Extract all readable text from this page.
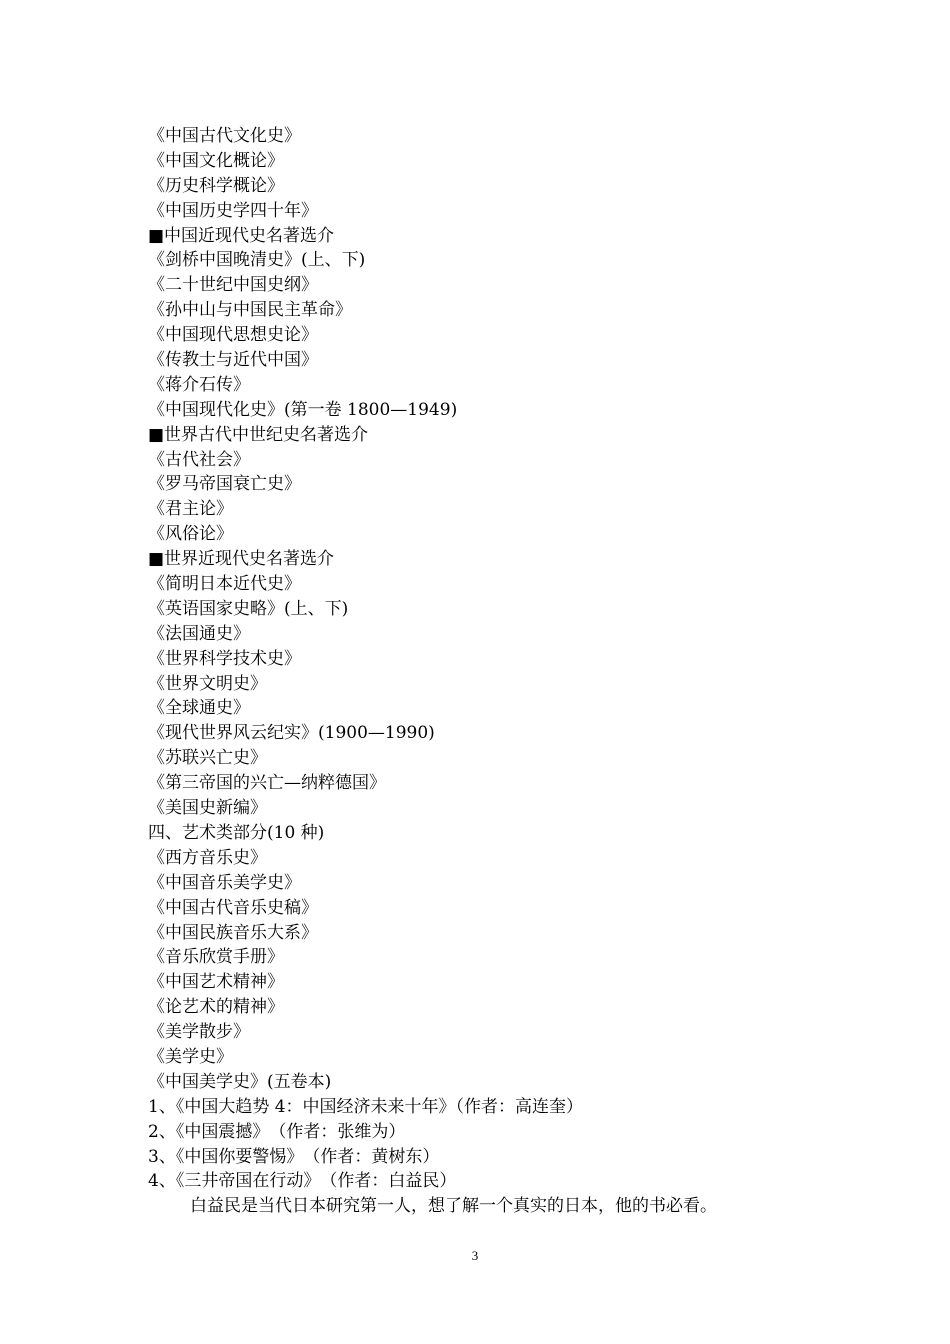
《中国古代文化史》
《中国文化概论》
《历史科学概论》
《中国历史学四十年》
■中国近现代史名著选介
《剑桥中国晚清史》(上、下)
《二十世纪中国史纲》
《孙中山与中国民主革命》
《中国现代思想史论》
《传教士与近代中国》
《蒋介石传》
《中国现代化史》(第一卷 1800—1949)
■世界古代中世纪史名著选介
《古代社会》
《罗马帝国衰亡史》
《君主论》
《风俗论》
■世界近现代史名著选介
《简明日本近代史》
《英语国家史略》(上、下)
《法国通史》
《世界科学技术史》
《世界文明史》
《全球通史》
《现代世界风云纪实》(1900—1990)
《苏联兴亡史》
《第三帝国的兴亡—纳粹德国》
《美国史新编》
四、艺术类部分(10 种)
《西方音乐史》
《中国音乐美学史》
《中国古代音乐史稿》
《中国民族音乐大系》
《音乐欣赏手册》
《中国艺术精神》
《论艺术的精神》
《美学散步》
《美学史》
《中国美学史》(五卷本)
1、《中国大趋势 4：中国经济未来十年》（作者：高连奎）
2、《中国震撼》　（作者：张维为）
3、《中国你要警惕》　（作者：黄树东）
4、《三井帝国在行动》　（作者：白益民）
白益民是当代日本研究第一人，想了解一个真实的日本，他的书必看。
3
